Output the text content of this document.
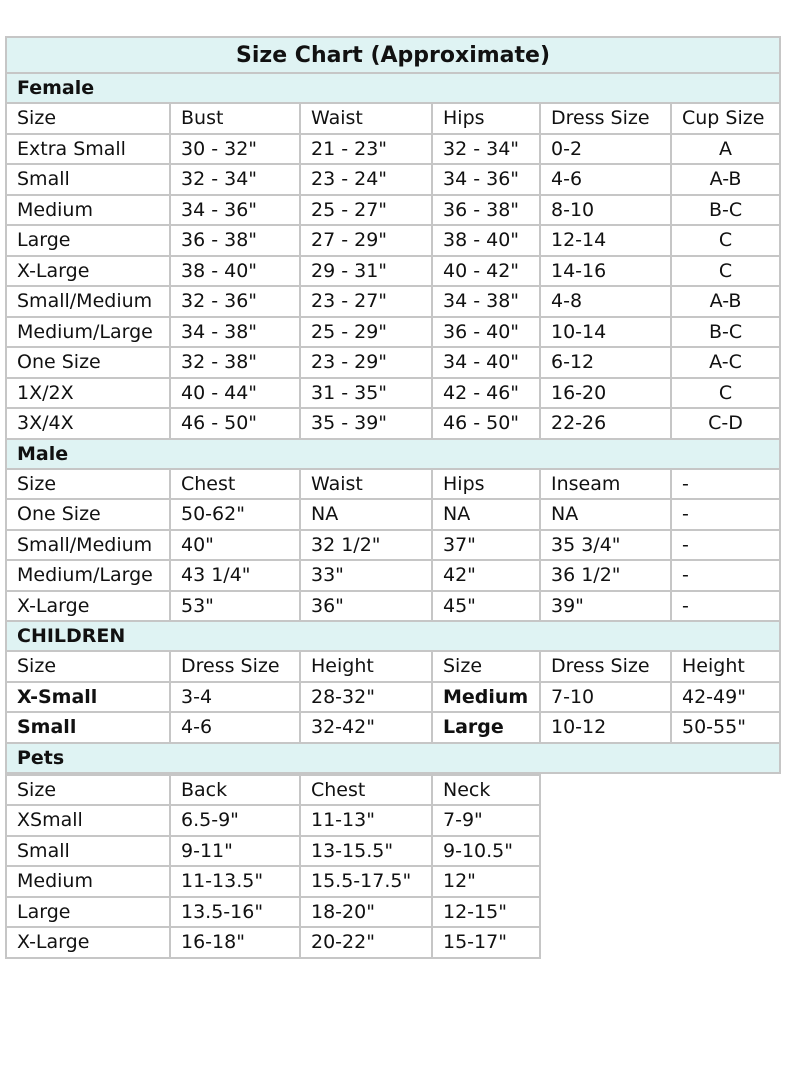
Size Chart (Approximate)					
Female					
Size	Bust	Waist	Hips	Dress Size	Cup Size
Extra Small	30 - 32"	21 - 23"	32 - 34"	0-2	A
Small	32 - 34"	23 - 24"	34 - 36"	4-6	A-B
Medium	34 - 36"	25 - 27"	36 - 38"	8-10	B-C
Large	36 - 38"	27 - 29"	38 - 40"	12-14	C
X-Large	38 - 40"	29 - 31"	40 - 42"	14-16	C
Small/Medium	32 - 36"	23 - 27"	34 - 38"	4-8	A-B
Medium/Large	34 - 38"	25 - 29"	36 - 40"	10-14	B-C
One Size	32 - 38"	23 - 29"	34 - 40"	6-12	A-C
1X/2X	40 - 44"	31 - 35"	42 - 46"	16-20	C
3X/4X	46 - 50"	35 - 39"	46 - 50"	22-26	C-D
Male					
Size	Chest	Waist	Hips	Inseam	-
One Size	50-62"	NA	NA	NA	-
Small/Medium	40"	32 1/2"	37"	35 3/4"	-
Medium/Large	43 1/4"	33"	42"	36 1/2"	-
X-Large	53"	36"	45"	39"	-
CHILDREN					
Size	Dress Size	Height	Size	Dress Size	Height
X-Small	3-4	28-32"	Medium	7-10	42-49"
Small	4-6	32-42"	Large	10-12	50-55"
Pets					
Size	Back	Chest	Neck
XSmall	6.5-9"	11-13"	7-9"
Small	9-11"	13-15.5"	9-10.5"
Medium	11-13.5"	15.5-17.5"	12"
Large	13.5-16"	18-20"	12-15"
X-Large	16-18"	20-22"	15-17"
